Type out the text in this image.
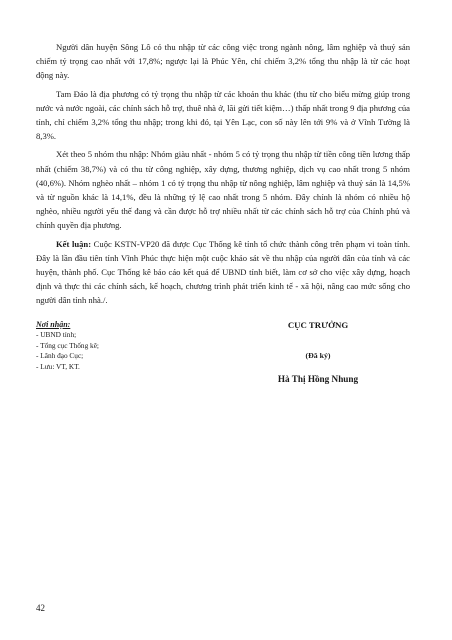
Người dân huyện Sông Lô có thu nhập từ các công việc trong ngành nông, lâm nghiệp và thuỷ sản chiếm tỷ trọng cao nhất với 17,8%; ngược lại là Phúc Yên, chỉ chiếm 3,2% tổng thu nhập là từ các hoạt động này.

Tam Đảo là địa phương có tỷ trọng thu nhập từ các khoản thu khác (thu từ cho biếu mừng giúp trong nước và nước ngoài, các chính sách hỗ trợ, thuê nhà ở, lãi gửi tiết kiệm…) thấp nhất trong 9 địa phương của tỉnh, chỉ chiếm 3,2% tổng thu nhập; trong khi đó, tại Yên Lạc, con số này lên tới 9% và ở Vĩnh Tường là 8,3%.

Xét theo 5 nhóm thu nhập: Nhóm giàu nhất - nhóm 5 có tỷ trọng thu nhập từ tiền công tiền lương thấp nhất (chiếm 38,7%) và có thu từ công nghiệp, xây dựng, thương nghiệp, dịch vụ cao nhất trong 5 nhóm (40,6%). Nhóm nghèo nhất – nhóm 1 có tỷ trọng thu nhập từ nông nghiệp, lâm nghiệp và thuỷ sản là 14,5% và từ nguồn khác là 14,1%, đều là những tỷ lệ cao nhất trong 5 nhóm. Đây chính là nhóm có nhiều hộ nghèo, nhiều người yếu thế đang và cần được hỗ trợ nhiều nhất từ các chính sách hỗ trợ của Chính phủ và chính quyền địa phương.

Kết luận: Cuộc KSTN-VP20 đã được Cục Thống kê tỉnh tổ chức thành công trên phạm vi toàn tỉnh. Đây là lần đầu tiên tỉnh Vĩnh Phúc thực hiện một cuộc khảo sát về thu nhập của người dân của tỉnh và các huyện, thành phố. Cục Thống kê báo cáo kết quả để UBND tỉnh biết, làm cơ sở cho việc xây dựng, hoạch định và thực thi các chính sách, kế hoạch, chương trình phát triển kinh tế - xã hội, nâng cao mức sống cho người dân tỉnh nhà./.

Nơi nhận:
- UBND tỉnh;
- Tổng cục Thống kê;
- Lãnh đạo Cục;
- Lưu: VT, KT.
CỤC TRƯỞNG
(Đã ký)
Hà Thị Hồng Nhung
42
